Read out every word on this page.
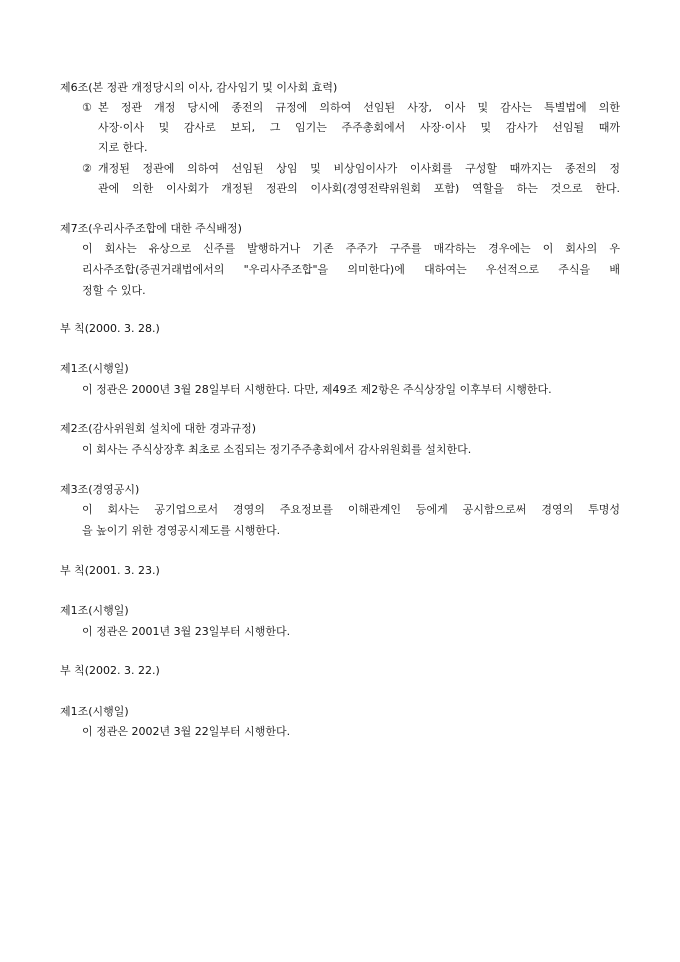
제6조(본 정관 개정당시의 이사, 감사임기 및 이사회 효력)
① 본 정관 개정 당시에 종전의 규정에 의하여 선임된 사장, 이사 및 감사는 특별법에 의한
사장·이사 및 감사로 보되, 그 임기는 주주총회에서 사장·이사 및 감사가 선임될 때까
지로 한다.
② 개정된 정관에 의하여 선임된 상임 및 비상임이사가 이사회를 구성할 때까지는 종전의 정
관에 의한 이사회가 개정된 정관의 이사회(경영전략위원회 포함) 역할을 하는 것으로 한다.
제7조(우리사주조합에 대한 주식배정)
이 회사는 유상으로 신주를 발행하거나 기존 주주가 구주를 매각하는 경우에는 이 회사의 우
리사주조합(증권거래법에서의 "우리사주조합"을 의미한다)에 대하여는 우선적으로 주식을 배
정할 수 있다.
부 칙(2000. 3. 28.)
제1조(시행일)
이 정관은 2000년 3월 28일부터 시행한다. 다만, 제49조 제2항은 주식상장일 이후부터 시행한다.
제2조(감사위원회 설치에 대한 경과규정)
이 회사는 주식상장후 최초로 소집되는 정기주주총회에서 감사위원회를 설치한다.
제3조(경영공시)
이 회사는 공기업으로서 경영의 주요정보를 이해관계인 등에게 공시함으로써 경영의 투명성
을 높이기 위한 경영공시제도를 시행한다.
부 칙(2001. 3. 23.)
제1조(시행일)
이 정관은 2001년 3월 23일부터 시행한다.
부 칙(2002. 3. 22.)
제1조(시행일)
이 정관은 2002년 3월 22일부터 시행한다.
